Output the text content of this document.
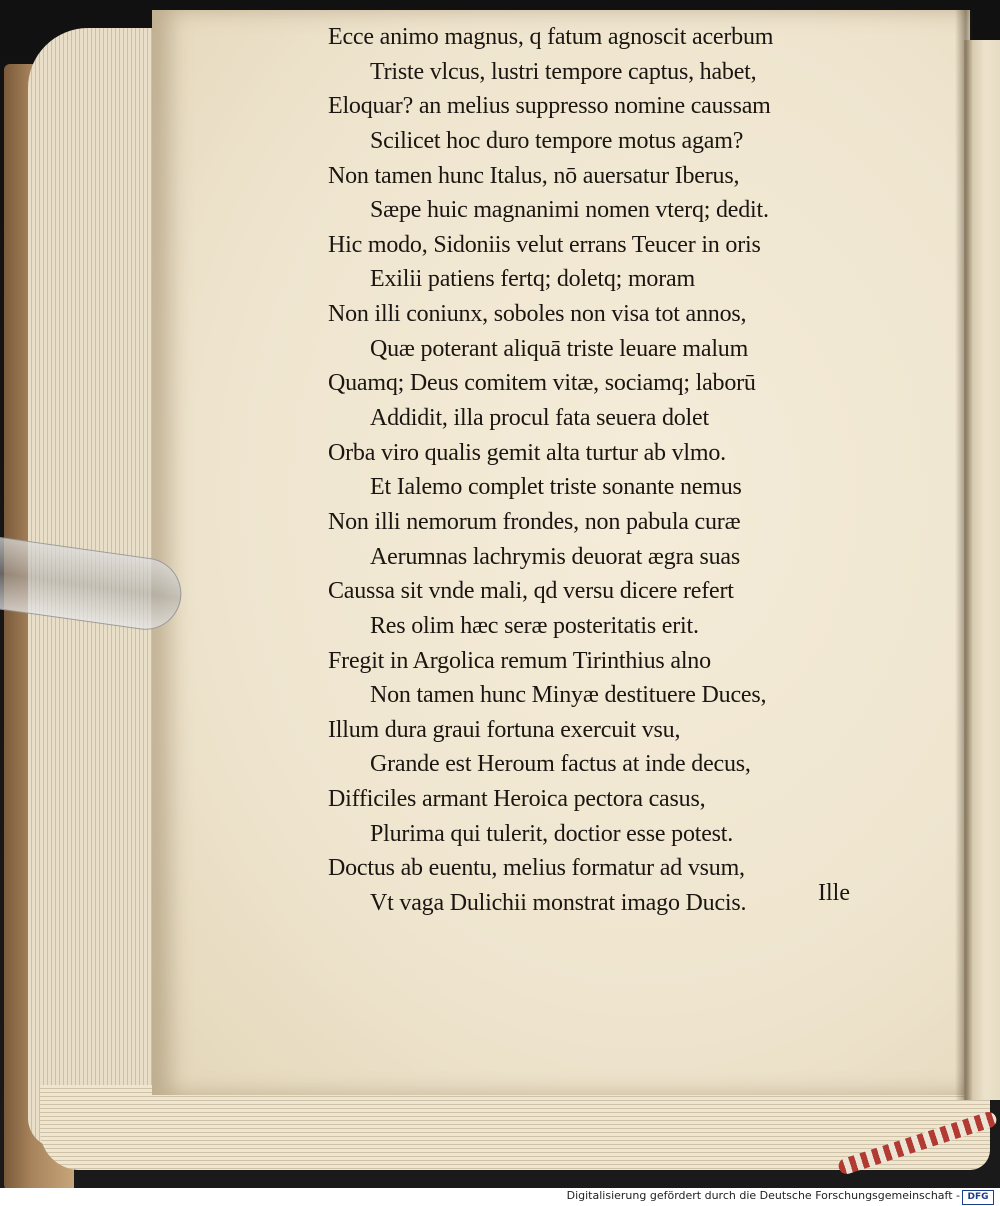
Ecce animo magnus, q fatum agnoscit acerbum
Triste vlcus, lustri tempore captus, habet,
Eloquar? an melius suppresso nomine caussam
Scilicet hoc duro tempore motus agam?
Non tamen hunc Italus, nō auersatur Iberus,
Sæpe huic magnanimi nomen vterq; dedit.
Hic modo, Sidoniis velut errans Teucer in oris
Exilii patiens fertq; doletq; moram
Non illi coniunx, soboles non visa tot annos,
Quæ poterant aliquā triste leuare malum
Quamq; Deus comitem vitæ, sociamq; laborū
Addidit, illa procul fata seuera dolet
Orba viro qualis gemit alta turtur ab vlmo.
Et Ialemo complet triste sonante nemus
Non illi nemorum frondes, non pabula curæ
Aerumnas lachrymis deuorat ægra suas
Caussa sit vnde mali, qd versu dicere refert
Res olim hæc seræ posteritatis erit.
Fregit in Argolica remum Tirinthius alno
Non tamen hunc Minyæ destituere Duces,
Illum dura graui fortuna exercuit vsu,
Grande est Heroum factus at inde decus,
Difficiles armant Heroica pectora casus,
Plurima qui tulerit, doctior esse potest.
Doctus ab euentu, melius formatur ad vsum,
Vt vaga Dulichii monstrat imago Ducis.	Ille
Digitalisierung gefördert durch die Deutsche Forschungsgemeinschaft - DFG
